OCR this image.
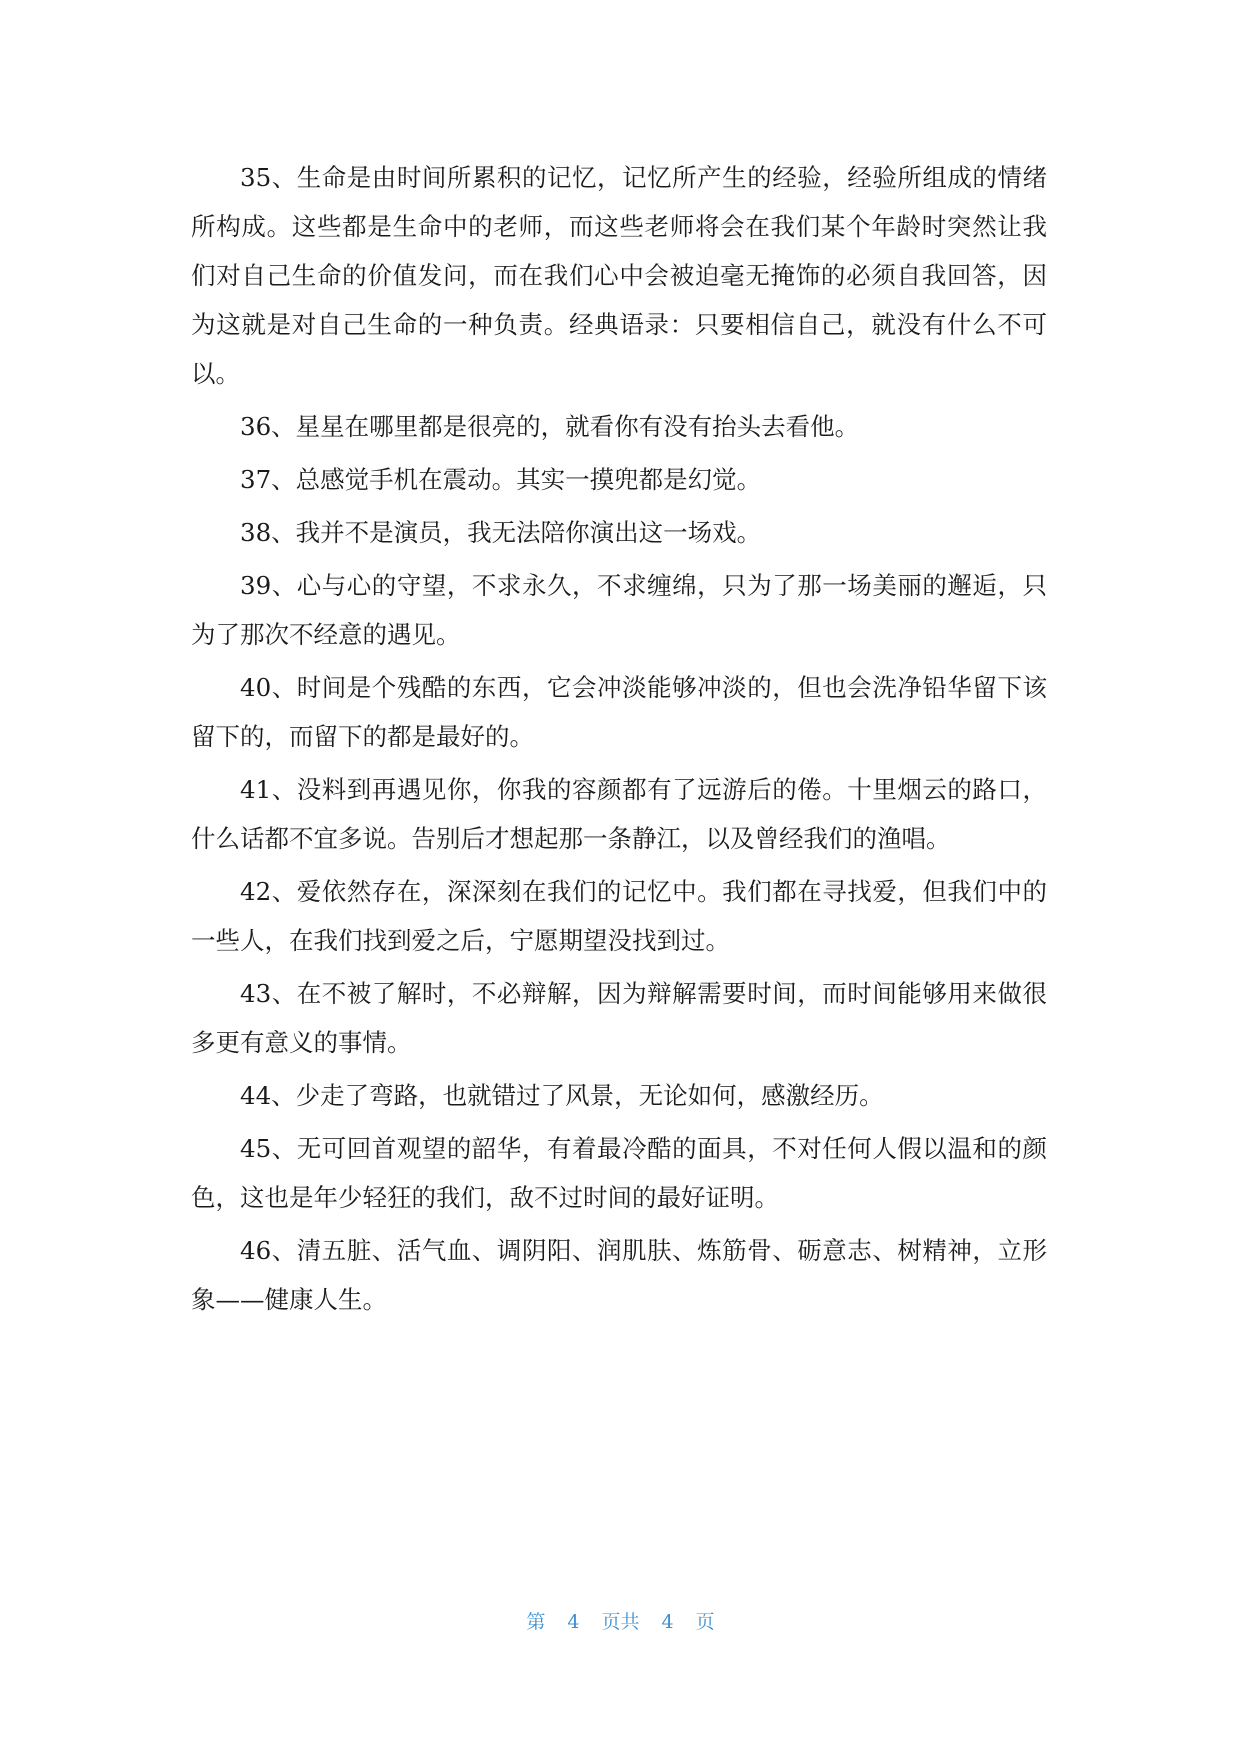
35、生命是由时间所累积的记忆，记忆所产生的经验，经验所组成的情绪所构成。这些都是生命中的老师，而这些老师将会在我们某个年龄时突然让我们对自己生命的价值发问，而在我们心中会被迫毫无掩饰的必须自我回答，因为这就是对自己生命的一种负责。经典语录：只要相信自己，就没有什么不可以。

36、星星在哪里都是很亮的，就看你有没有抬头去看他。

37、总感觉手机在震动。其实一摸兜都是幻觉。

38、我并不是演员，我无法陪你演出这一场戏。

39、心与心的守望，不求永久，不求缠绵，只为了那一场美丽的邂逅，只为了那次不经意的遇见。

40、时间是个残酷的东西，它会冲淡能够冲淡的，但也会洗净铅华留下该留下的，而留下的都是最好的。

41、没料到再遇见你，你我的容颜都有了远游后的倦。十里烟云的路口，什么话都不宜多说。告别后才想起那一条静江，以及曾经我们的渔唱。

42、爱依然存在，深深刻在我们的记忆中。我们都在寻找爱，但我们中的一些人，在我们找到爱之后，宁愿期望没找到过。

43、在不被了解时，不必辩解，因为辩解需要时间，而时间能够用来做很多更有意义的事情。

44、少走了弯路，也就错过了风景，无论如何，感激经历。

45、无可回首观望的韶华，有着最冷酷的面具，不对任何人假以温和的颜色，这也是年少轻狂的我们，敌不过时间的最好证明。

46、清五脏、活气血、调阴阳、润肌肤、炼筋骨、砺意志、树精神，立形象——健康人生。

第 4 页共 4 页
